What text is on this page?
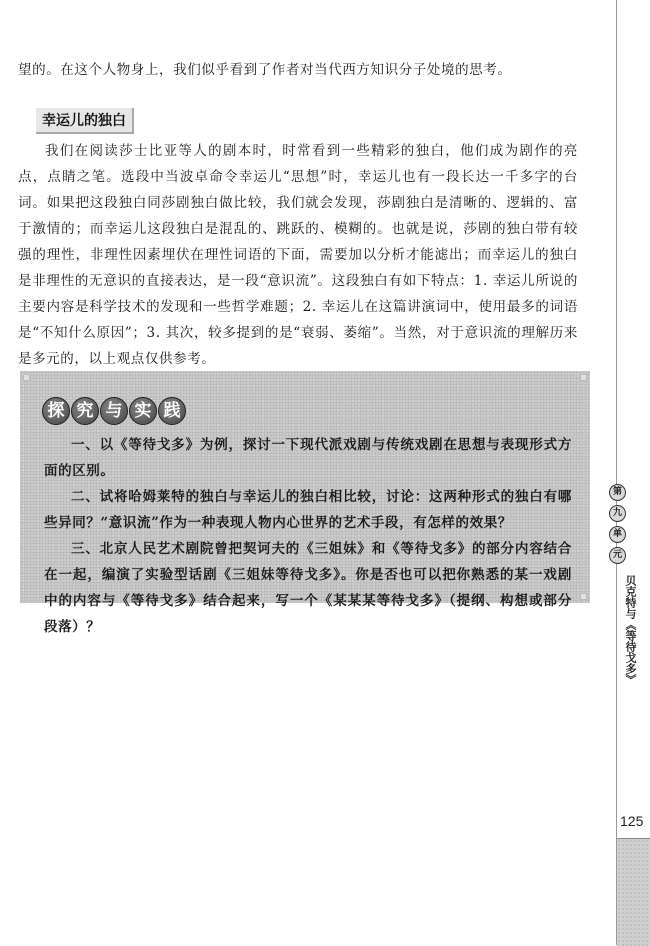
望的。在这个人物身上，我们似乎看到了作者对当代西方知识分子处境的思考。
幸运儿的独白
我们在阅读莎士比亚等人的剧本时，时常看到一些精彩的独白，他们成为剧作的亮点，点睛之笔。选段中当波卓命令幸运儿“思想”时，幸运儿也有一段长达一千多字的台词。如果把这段独白同莎剧独白做比较，我们就会发现，莎剧独白是清晰的、逻辑的、富于激情的；而幸运儿这段独白是混乱的、跳跃的、模糊的。也就是说，莎剧的独白带有较强的理性，非理性因素埋伏在理性词语的下面，需要加以分析才能滤出；而幸运儿的独白是非理性的无意识的直接表达，是一段“意识流”。这段独白有如下特点：1. 幸运儿所说的主要内容是科学技术的发现和一些哲学难题；2. 幸运儿在这篇讲演词中，使用最多的词语是“不知什么原因”；3. 其次，较多提到的是“衰弱、萎缩”。当然，对于意识流的理解历来是多元的，以上观点仅供参考。
探 究 与 实 践
一、以《等待戈多》为例，探讨一下现代派戏剧与传统戏剧在思想与表现形式方面的区别。
二、试将哈姆莱特的独白与幸运儿的独白相比较，讨论：这两种形式的独白有哪些异同？“意识流”作为一种表现人物内心世界的艺术手段，有怎样的效果？
三、北京人民艺术剧院曾把契诃夫的《三姐妹》和《等待戈多》的部分内容结合在一起，编演了实验型话剧《三姐妹等待戈多》。你是否也可以把你熟悉的某一戏剧中的内容与《等待戈多》结合起来，写一个《某某某等待戈多》（提纲、构想或部分段落）？
第
九
单
元
贝克特与《等待戈多》
125
